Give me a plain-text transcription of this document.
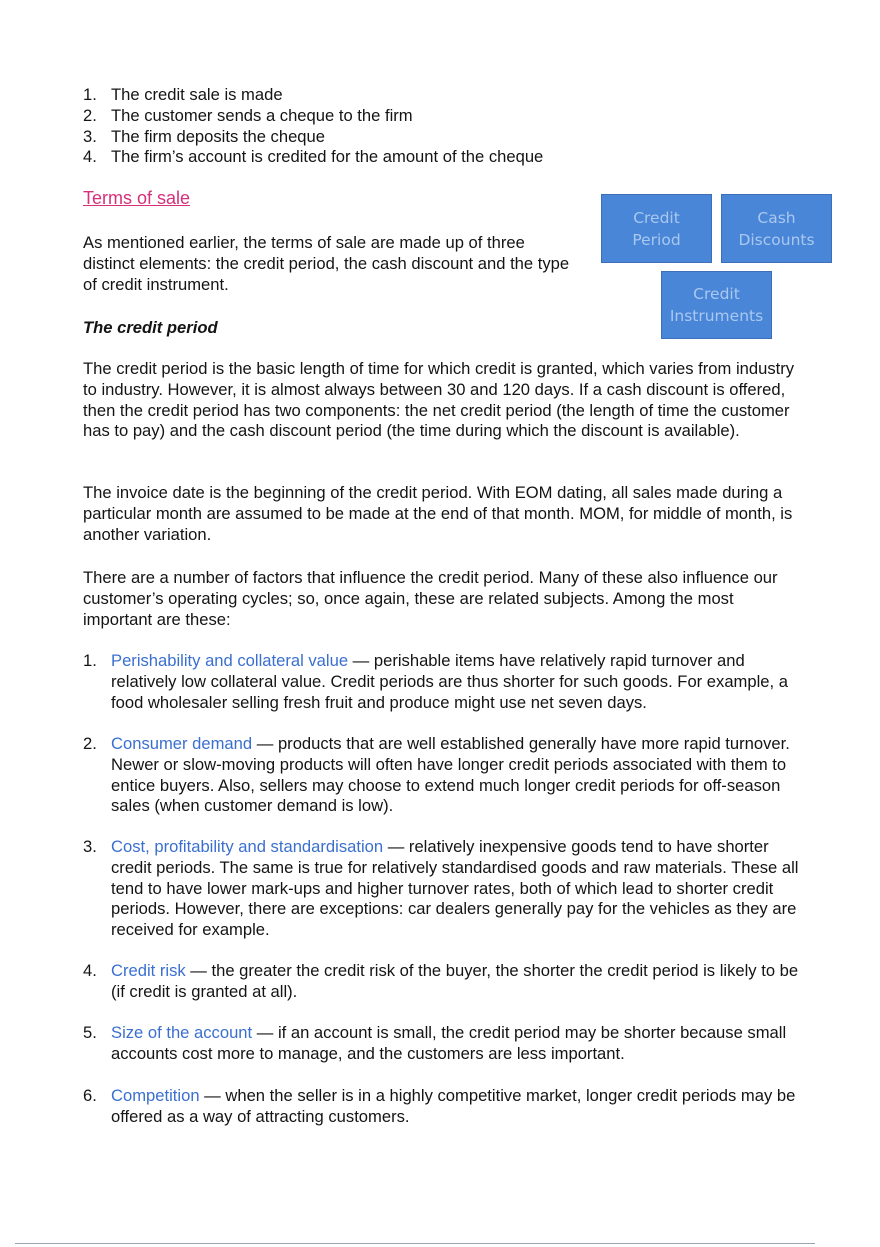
1. The credit sale is made
2. The customer sends a cheque to the firm
3. The firm deposits the cheque
4. The firm’s account is credited for the amount of the cheque
Terms of sale

As mentioned earlier, the terms of sale are made up of three distinct elements: the credit period, the cash discount and the type of credit instrument.

Credit
Period
Cash
Discounts
Credit
Instruments
The credit period

The credit period is the basic length of time for which credit is granted, which varies from industry to industry. However, it is almost always between 30 and 120 days. If a cash discount is offered, then the credit period has two components: the net credit period (the length of time the customer has to pay) and the cash discount period (the time during which the discount is available).

The invoice date is the beginning of the credit period. With EOM dating, all sales made during a particular month are assumed to be made at the end of that month. MOM, for middle of month, is another variation.

There are a number of factors that influence the credit period. Many of these also influence our customer’s operating cycles; so, once again, these are related subjects. Among the most important are these:

1. Perishability and collateral value — perishable items have relatively rapid turnover and relatively low collateral value. Credit periods are thus shorter for such goods. For example, a food wholesaler selling fresh fruit and produce might use net seven days.
2. Consumer demand — products that are well established generally have more rapid turnover. Newer or slow-moving products will often have longer credit periods associated with them to entice buyers. Also, sellers may choose to extend much longer credit periods for off-season sales (when customer demand is low).
3. Cost, profitability and standardisation — relatively inexpensive goods tend to have shorter credit periods. The same is true for relatively standardised goods and raw materials. These all tend to have lower mark-ups and higher turnover rates, both of which lead to shorter credit periods. However, there are exceptions: car dealers generally pay for the vehicles as they are received for example.
4. Credit risk — the greater the credit risk of the buyer, the shorter the credit period is likely to be (if credit is granted at all).
5. Size of the account — if an account is small, the credit period may be shorter because small accounts cost more to manage, and the customers are less important.
6. Competition — when the seller is in a highly competitive market, longer credit periods may be offered as a way of attracting customers.
